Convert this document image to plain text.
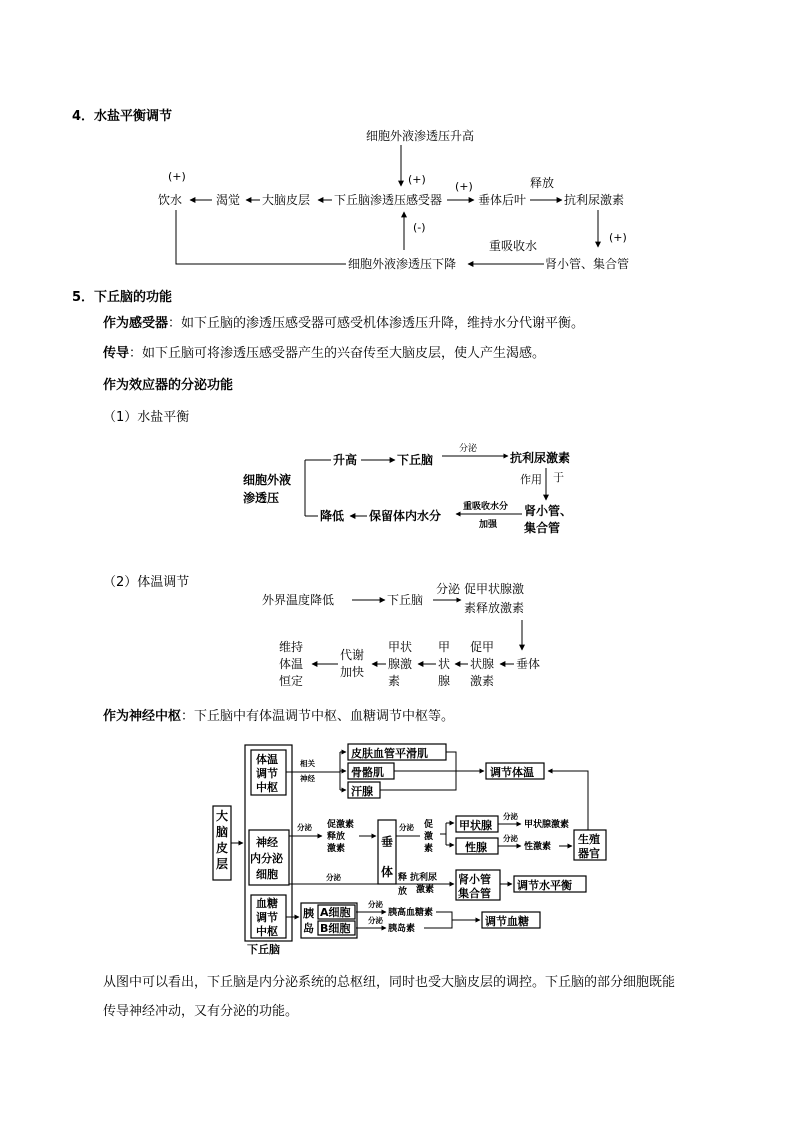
4．水盐平衡调节
细胞外液渗透压升高
(+)
(+)
饮水	渴觉 大脑皮层 下丘脑渗透压感受器
(+)
垂体后叶
释放
抗利尿激素
(+)
重吸收水
肾小管、集合管
细胞外液渗透压下降
(-)
5．下丘脑的功能
作为感受器：如下丘脑的渗透压感受器可感受机体渗透压升降，维持水分代谢平衡。
传导：如下丘脑可将渗透压感受器产生的兴奋传至大脑皮层，使人产生渴感。
作为效应器的分泌功能
（1）水盐平衡
细胞外液
渗透压
升高	下丘脑
分泌
抗利尿激素
作用 于
肾小管、
集合管
重吸收水分
加强
保留体内水分
降低
（2）体温调节
外界温度降低	下丘脑
分泌 促甲状腺激
素释放激素
垂体
促甲
状腺
激素
甲
状
腺
甲状
腺激
素
代谢
加快
维持
体温
恒定
作为神经中枢：下丘脑中有体温调节中枢、血糖调节中枢等。
大
脑
皮
层
下丘脑
体温
调节
中枢
神经
内分泌
细胞
血糖
调节
中枢
相关
神经
皮肤血管平滑肌
骨骼肌
汗腺
调节体温
分泌 促激素
释放
激素	垂
体
分泌 促
激
素
甲状腺
性腺
分泌
甲状腺激素
分泌
性激素
生殖
器官
分泌	释
放
抗利尿
激素
肾小管
集合管
调节水平衡
胰
岛
A细胞
B细胞
分泌
胰高血糖素
分泌
胰岛素
调节血糖
从图中可以看出，下丘脑是内分泌系统的总枢纽，同时也受大脑皮层的调控。下丘脑的部分细胞既能
传导神经冲动，又有分泌的功能。
